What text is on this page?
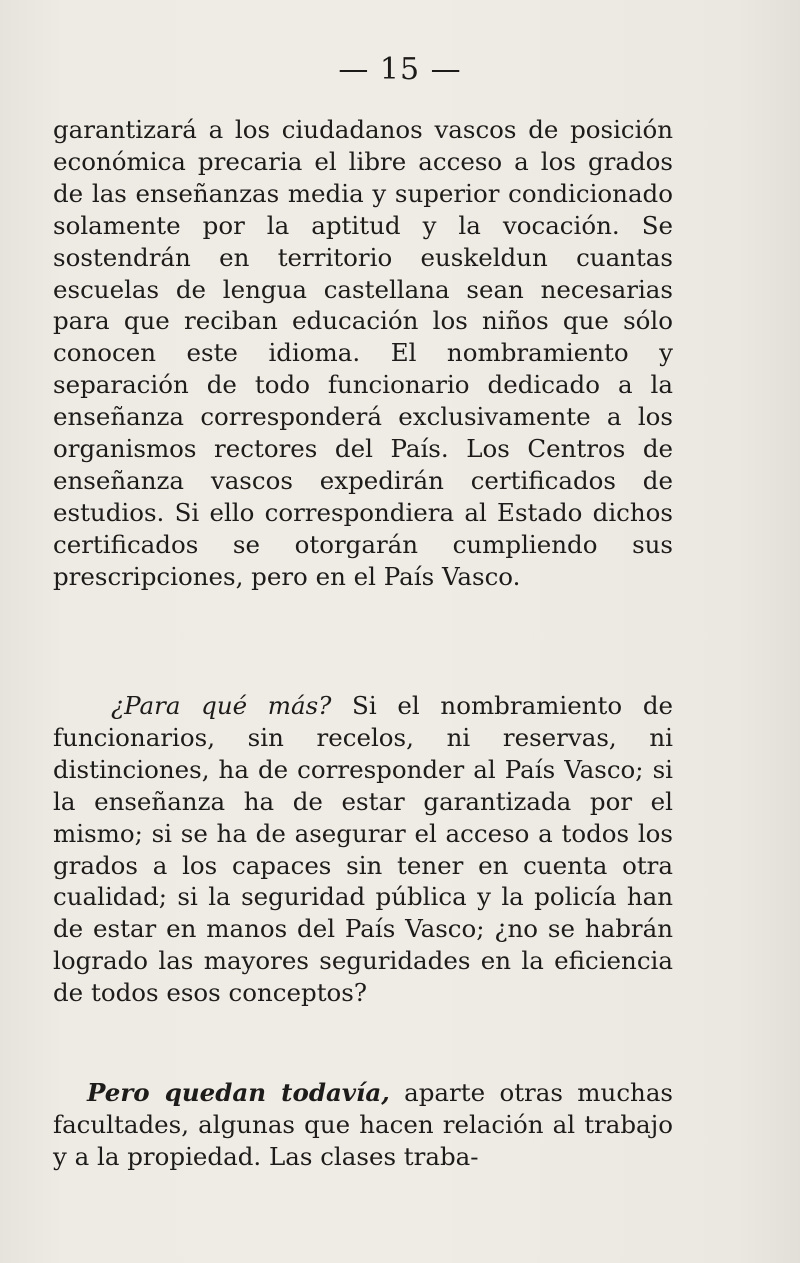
— 15 —

garantizará a los ciudadanos vascos de posición económica precaria el libre acceso a los grados de las enseñanzas media y superior condicionado solamente por la aptitud y la vocación. Se sostendrán en territorio euskeldun cuantas escuelas de lengua castellana sean necesarias para que reciban educación los niños que sólo conocen este idioma. El nombramiento y separación de todo funcionario dedicado a la enseñanza corresponderá exclusivamente a los organismos rectores del País. Los Centros de enseñanza vascos expedirán certificados de estudios. Si ello correspondiera al Estado dichos certificados se otorgarán cumpliendo sus prescripciones, pero en el País Vasco.

¿Para qué más? Si el nombramiento de funcionarios, sin recelos, ni reservas, ni distinciones, ha de corresponder al País Vasco; si la enseñanza ha de estar garantizada por el mismo; si se ha de asegurar el acceso a todos los grados a los capaces sin tener en cuenta otra cualidad; si la seguridad pública y la policía han de estar en manos del País Vasco; ¿no se habrán logrado las mayores seguridades en la eficiencia de todos esos conceptos?

Pero quedan todavía, aparte otras muchas facultades, algunas que hacen relación al trabajo y a la propiedad. Las clases traba-
